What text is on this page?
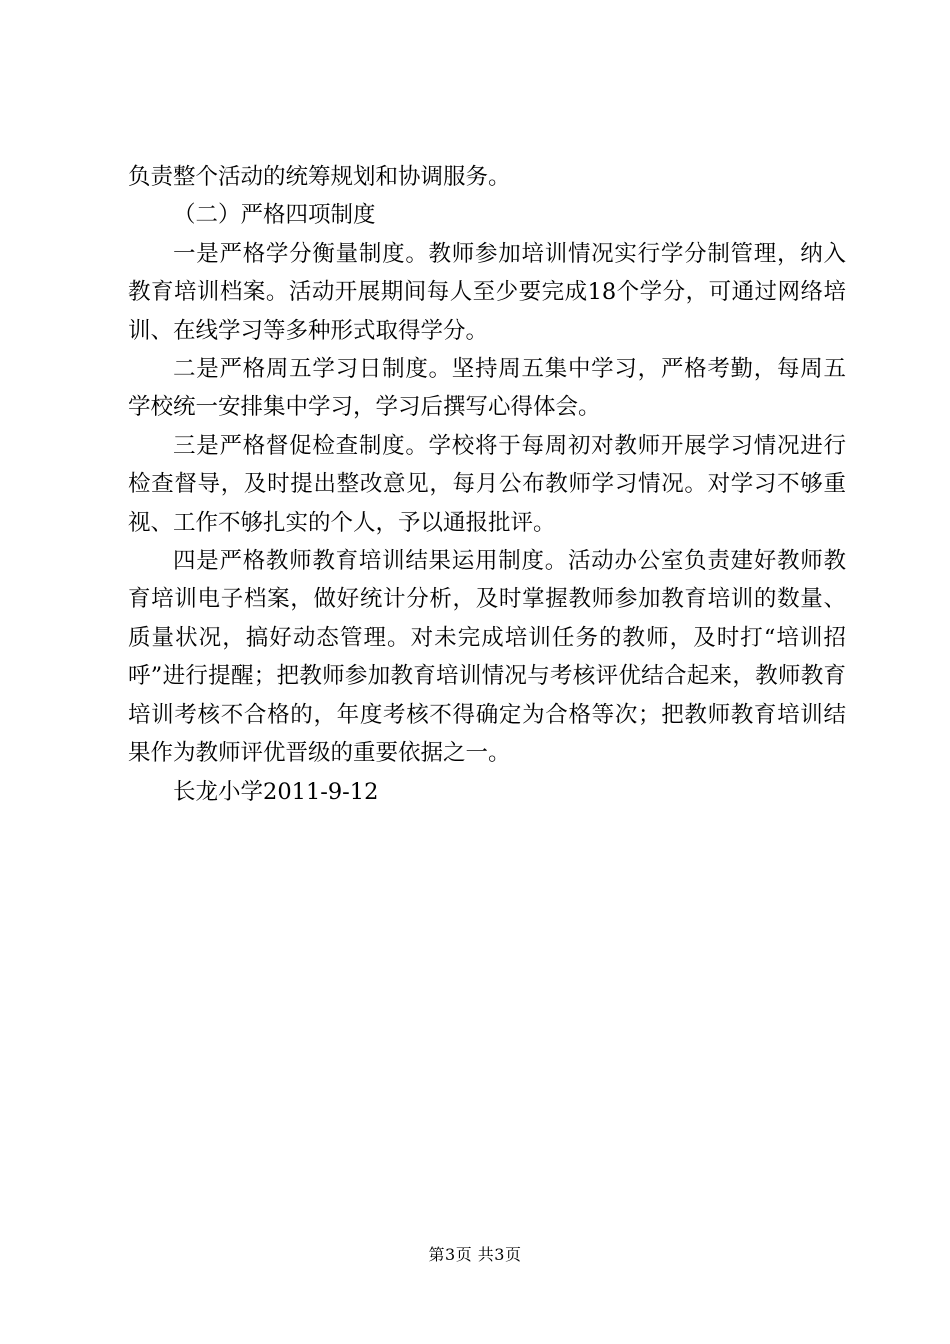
负责整个活动的统筹规划和协调服务。

（二）严格四项制度

一是严格学分衡量制度。教师参加培训情况实行学分制管理，纳入教育培训档案。活动开展期间每人至少要完成18个学分，可通过网络培训、在线学习等多种形式取得学分。

二是严格周五学习日制度。坚持周五集中学习，严格考勤，每周五学校统一安排集中学习，学习后撰写心得体会。

三是严格督促检查制度。学校将于每周初对教师开展学习情况进行检查督导，及时提出整改意见，每月公布教师学习情况。对学习不够重视、工作不够扎实的个人，予以通报批评。

四是严格教师教育培训结果运用制度。活动办公室负责建好教师教育培训电子档案，做好统计分析，及时掌握教师参加教育培训的数量、质量状况，搞好动态管理。对未完成培训任务的教师，及时打“培训招呼”进行提醒；把教师参加教育培训情况与考核评优结合起来，教师教育培训考核不合格的，年度考核不得确定为合格等次；把教师教育培训结果作为教师评优晋级的重要依据之一。

长龙小学2011-9-12

第3页 共3页
